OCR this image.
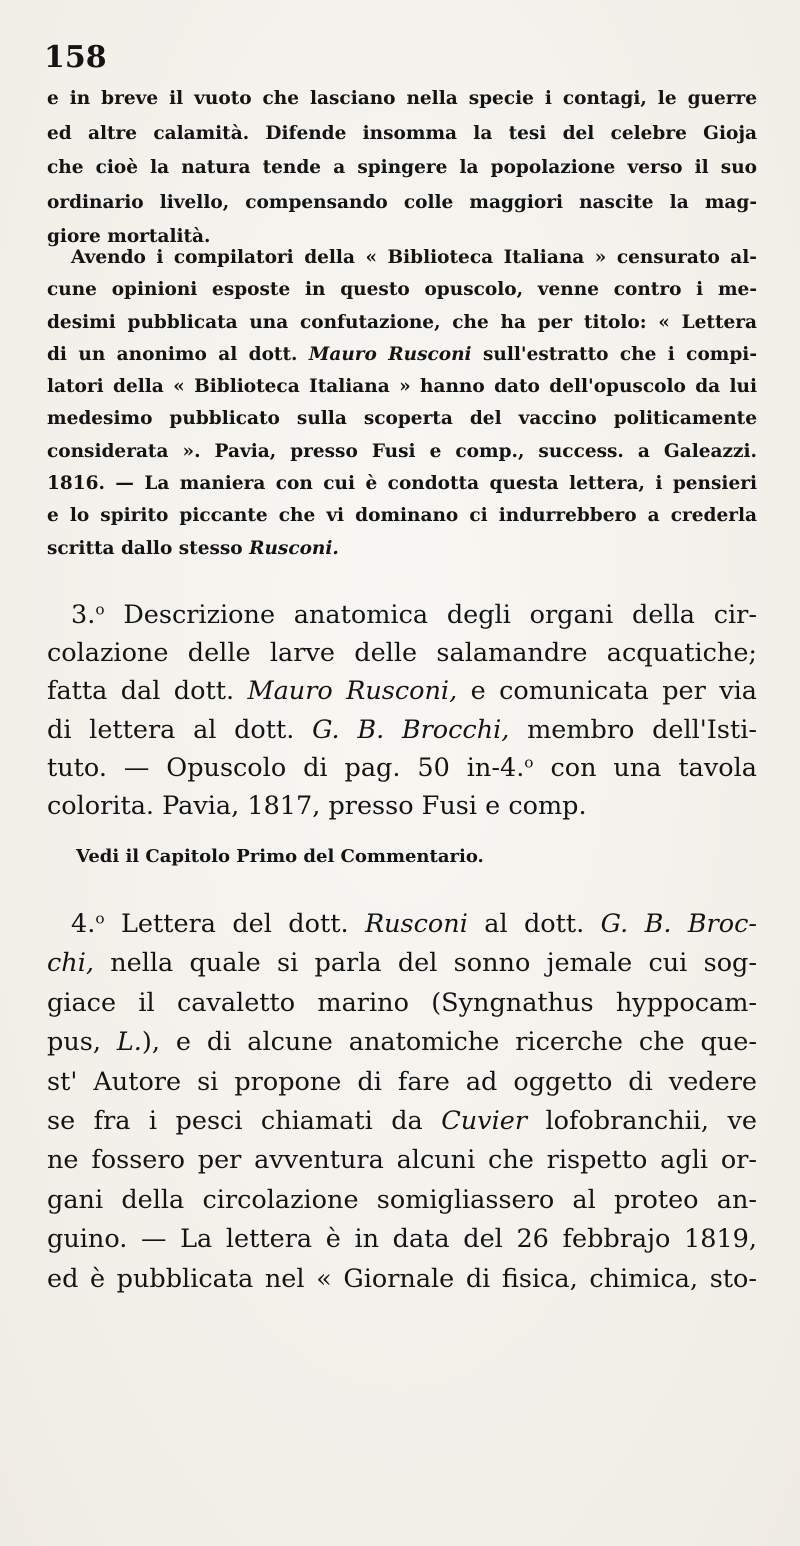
158
e in breve il vuoto che lasciano nella specie i contagi, le guerre
ed altre calamità. Difende insomma la tesi del celebre Gioja
che cioè la natura tende a spingere la popolazione verso il suo
ordinario livello, compensando colle maggiori nascite la mag-
giore mortalità.
Avendo i compilatori della « Biblioteca Italiana » censurato al-
cune opinioni esposte in questo opuscolo, venne contro i me-
desimi pubblicata una confutazione, che ha per titolo: « Lettera
di un anonimo al dott. Mauro Rusconi sull'estratto che i compi-
latori della « Biblioteca Italiana » hanno dato dell'opuscolo da lui
medesimo pubblicato sulla scoperta del vaccino politicamente
considerata ». Pavia, presso Fusi e comp., success. a Galeazzi.
1816. — La maniera con cui è condotta questa lettera, i pensieri
e lo spirito piccante che vi dominano ci indurrebbero a crederla
scritta dallo stesso Rusconi.
3.$^o$ Descrizione anatomica degli organi della cir-
colazione delle larve delle salamandre acquatiche;
fatta dal dott. Mauro Rusconi, e comunicata per via
di lettera al dott. G. B. Brocchi, membro dell'Isti-
tuto. — Opuscolo di pag. 50 in-4.$^o$ con una tavola
colorita. Pavia, 1817, presso Fusi e comp.
Vedi il Capitolo Primo del Commentario.
4.$^o$ Lettera del dott. Rusconi al dott. G. B. Broc-
chi, nella quale si parla del sonno jemale cui sog-
giace il cavaletto marino (Syngnathus hyppocam-
pus, L.), e di alcune anatomiche ricerche che que-
st' Autore si propone di fare ad oggetto di vedere
se fra i pesci chiamati da Cuvier lofobranchii, ve
ne fossero per avventura alcuni che rispetto agli or-
gani della circolazione somigliassero al proteo an-
guino. — La lettera è in data del 26 febbrajo 1819,
ed è pubblicata nel « Giornale di fisica, chimica, sto-
